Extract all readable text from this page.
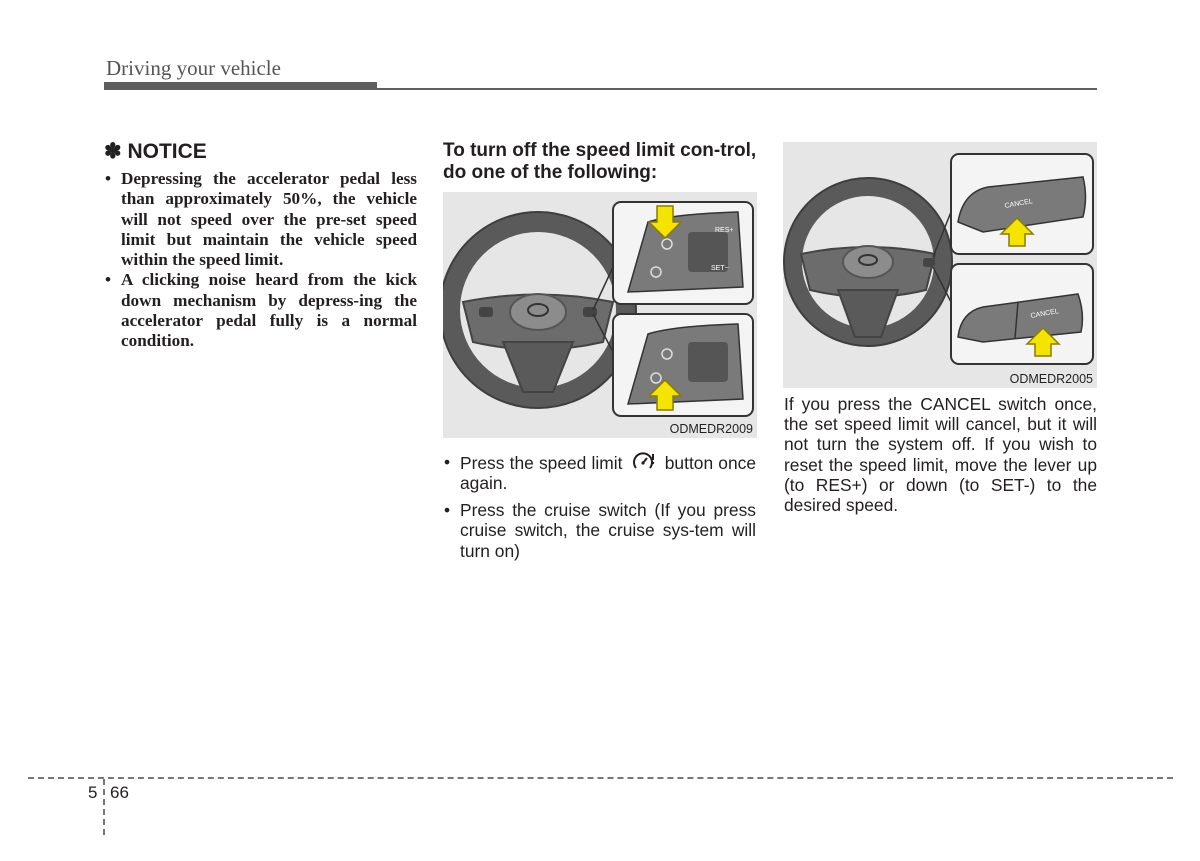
Driving your vehicle
✽ NOTICE
• Depressing the accelerator pedal less than approximately 50%, the vehicle will not speed over the pre-set speed limit but maintain the vehicle speed within the speed limit.
• A clicking noise heard from the kick down mechanism by depress-ing the accelerator pedal fully is a normal condition.
To turn off the speed limit con-trol, do one of the following:
RES+
SET−
ODMEDR2009
• Press the speed limit button once again.
• Press the cruise switch (If you press cruise switch, the cruise sys-tem will turn on)
CANCEL
CANCEL
ODMEDR2005

If you press the CANCEL switch once, the set speed limit will cancel, but it will not turn the system off. If you wish to reset the speed limit, move the lever up (to RES+) or down (to SET-) to the desired speed.

5 66
